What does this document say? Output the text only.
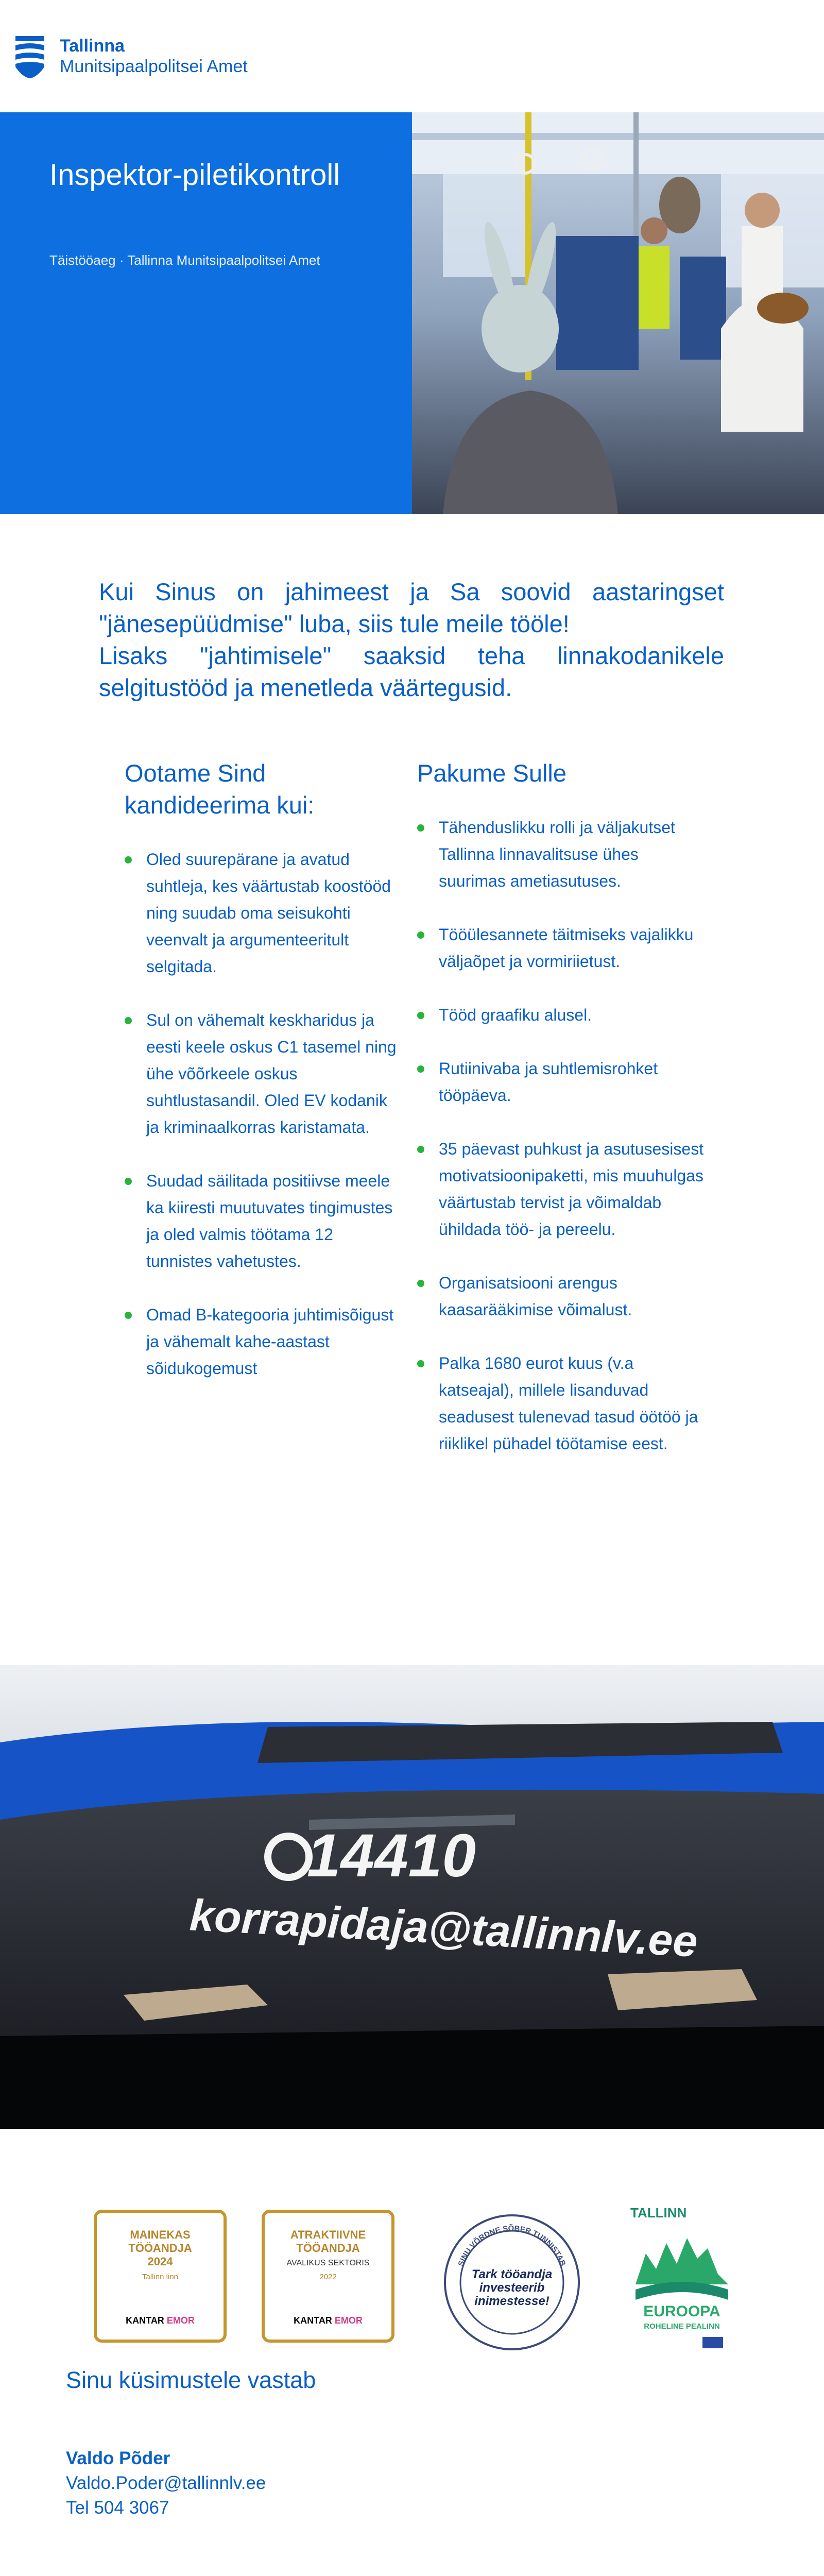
Tallinna
Munitsipaalpolitsei Amet
Inspektor-piletikontroll
Täistööaeg · Tallinna Munitsipaalpolitsei Amet
Kui Sinus on jahimeest ja Sa soovid aastaringset "jänesepüüdmise" luba, siis tule meile tööle!
Lisaks "jahtimisele" saaksid teha linnakodanikele selgitustööd ja menetleda väärtegusid.
Ootame Sind kandideerima kui:
Oled suurepärane ja avatud suhtleja, kes väärtustab koostööd ning suudab oma seisukohti veenvalt ja argumenteeritult selgitada.
Sul on vähemalt keskharidus ja eesti keele oskus C1 tasemel ning ühe võõrkeele oskus suhtlustasandil. Oled EV kodanik ja kriminaalkorras karistamata.
Suudad säilitada positiivse meele ka kiiresti muutuvates tingimustes ja oled valmis töötama 12 tunnistes vahetustes.
Omad B-kategooria juhtimisõigust ja vähemalt kahe-aastast sõidukogemust
Pakume Sulle
Tähenduslikku rolli ja väljakutset Tallinna linnavalitsuse ühes suurimas ametiasutuses.
Tööülesannete täitmiseks vajalikku väljaõpet ja vormiriietust.
Tööd graafiku alusel.
Rutiinivaba ja suhtlemisrohket tööpäeva.
35 päevast puhkust ja asutusesisest motivatsioonipaketti, mis muuhulgas väärtustab tervist ja võimaldab ühildada töö- ja pereelu.
Organisatsiooni arengus kaasarääkimise võimalust.
Palka 1680 eurot kuus (v.a katseajal), millele lisanduvad seadusest tulenevad tasud öötöö ja riiklikel pühadel töötamise eest.
14410
korrapidaja@tallinnlv.ee
MAINEKAS
TÖÖANDJA
2024
Tallinn linn
KANTAR EMOR
ATRAKTIIVNE
TÖÖANDJA
AVALIKUS SEKTORIS
2022
KANTAR EMOR
SINU VÕRDNE SÕBER TUNNISTAB
Tark tööandja
investeerib
inimestesse!
TALLINN
EUROOPA
ROHELINE PEALINN
Sinu küsimustele vastab
Valdo Põder
Valdo.Poder@tallinnlv.ee
Tel 504 3067
